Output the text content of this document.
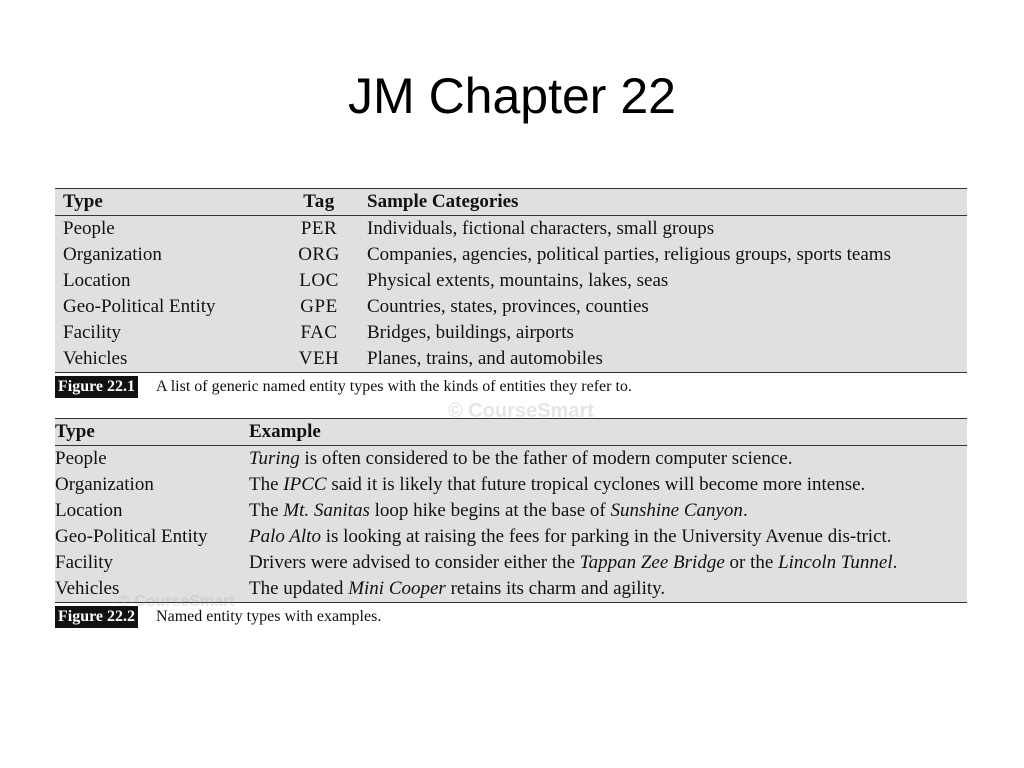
JM Chapter 22
Type	Tag	Sample Categories
People	PER	Individuals, fictional characters, small groups
Organization	ORG	Companies, agencies, political parties, religious groups, sports teams
Location	LOC	Physical extents, mountains, lakes, seas
Geo-Political Entity	GPE	Countries, states, provinces, counties
Facility	FAC	Bridges, buildings, airports
Vehicles	VEH	Planes, trains, and automobiles
Figure 22.1 A list of generic named entity types with the kinds of entities they refer to.
Type	Example
People	Turing is often considered to be the father of modern computer science.
Organization	The IPCC said it is likely that future tropical cyclones will become more intense.
Location	The Mt. Sanitas loop hike begins at the base of Sunshine Canyon.
Geo-Political Entity	Palo Alto is looking at raising the fees for parking in the University Avenue dis-trict.
Facility	Drivers were advised to consider either the Tappan Zee Bridge or the Lincoln Tunnel.
Vehicles	The updated Mini Cooper retains its charm and agility.
Figure 22.2 Named entity types with examples.
© CourseSmart
© CourseSmart
